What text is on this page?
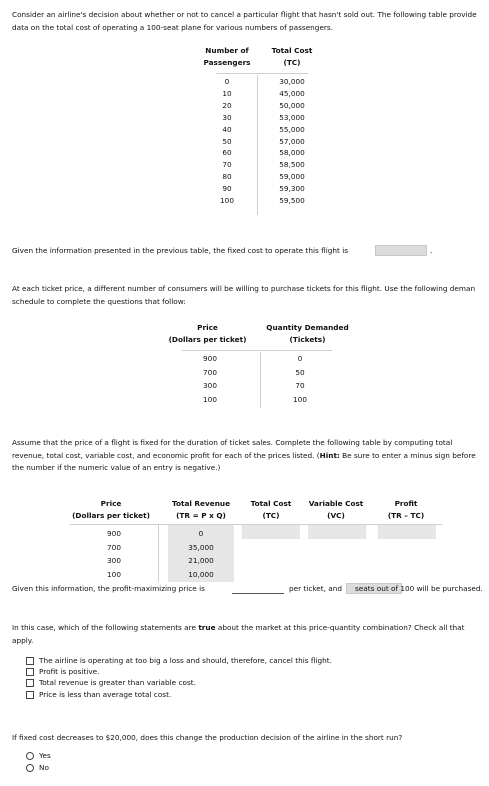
Consider an airline's decision about whether or not to cancel a particular flight that hasn't sold out. The following table provide
data on the total cost of operating a 100-seat plane for various numbers of passengers.
Number of
Passengers
Total Cost
(TC)
0	30,000
10	45,000
20	50,000
30	53,000
40	55,000
50	57,000
60	58,000
70	58,500
80	59,000
90	59,300
100	59,500
Given the information presented in the previous table, the fixed cost to operate this flight is	.
At each ticket price, a different number of consumers will be willing to purchase tickets for this flight. Use the following deman
schedule to complete the questions that follow:
Price
(Dollars per ticket)
Quantity Demanded
(Tickets)
900	0
700	50
300	70
100	100
Assume that the price of a flight is fixed for the duration of ticket sales. Complete the following table by computing total
revenue, total cost, variable cost, and economic profit for each of the prices listed. (Hint: Be sure to enter a minus sign before
the number if the numeric value of an entry is negative.)
Price
(Dollars per ticket)
Total Revenue
(TR = P x Q)
Total Cost
(TC)
Variable Cost
(VC)
Profit
(TR – TC)
900	0
700	35,000
300	21,000
100	10,000
Given this information, the profit-maximizing price is	per ticket, and seats out of 100 will be purchased.
In this case, which of the following statements are true about the market at this price-quantity combination? Check all that
apply.
The airline is operating at too big a loss and should, therefore, cancel this flight.
Profit is positive.
Total revenue is greater than variable cost.
Price is less than average total cost.
If fixed cost decreases to $20,000, does this change the production decision of the airline in the short run?
Yes
No
